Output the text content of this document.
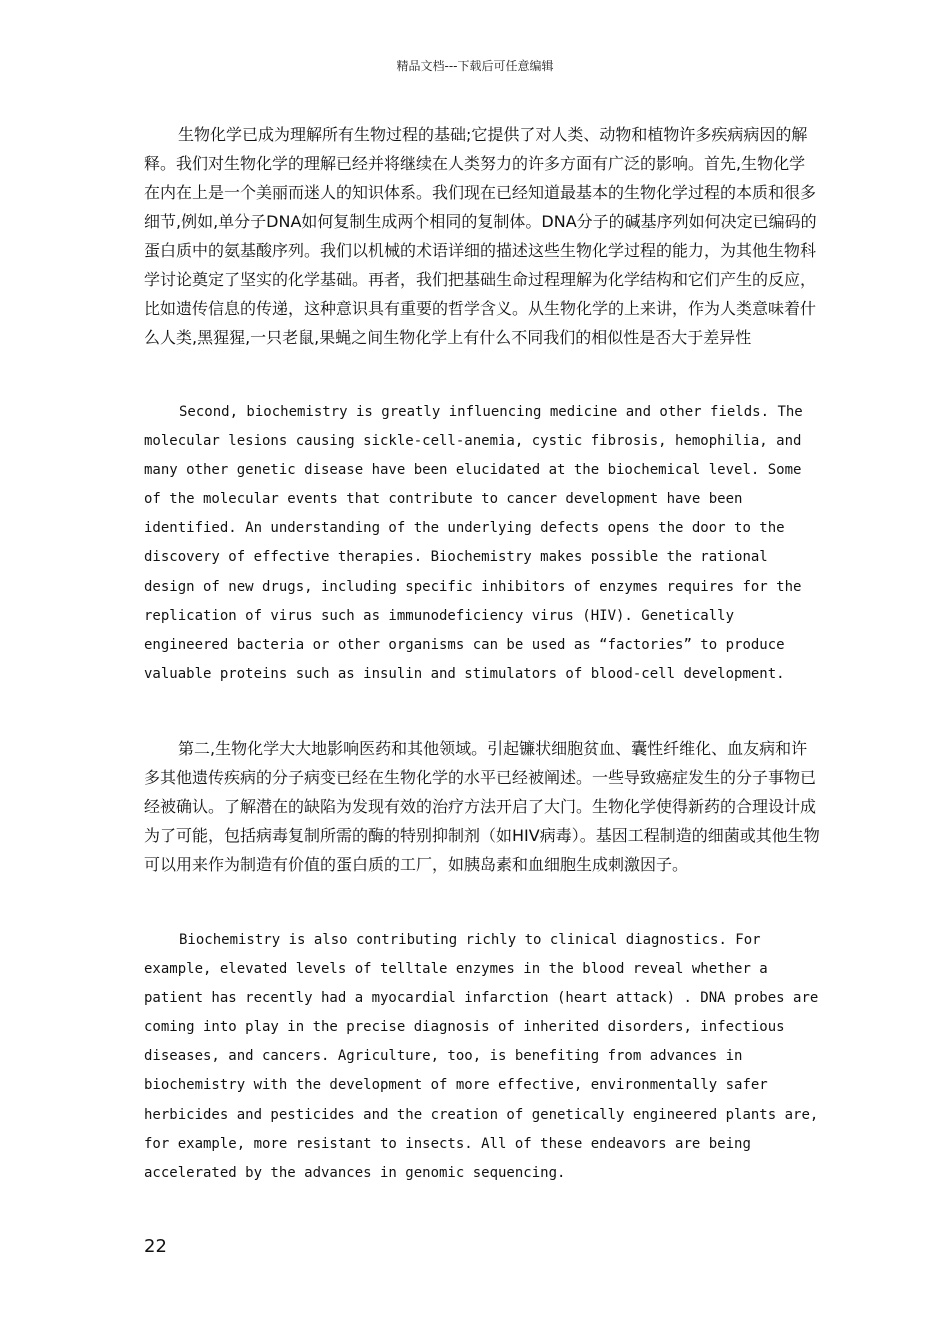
精品文档---下载后可任意编辑

生物化学已成为理解所有生物过程的基础;它提供了对人类、动物和植物许多疾病病因的解释。我们对生物化学的理解已经并将继续在人类努力的许多方面有广泛的影响。首先,生物化学在内在上是一个美丽而迷人的知识体系。我们现在已经知道最基本的生物化学过程的本质和很多细节,例如,单分子DNA如何复制生成两个相同的复制体。DNA分子的碱基序列如何决定已编码的蛋白质中的氨基酸序列。我们以机械的术语详细的描述这些生物化学过程的能力，为其他生物科学讨论奠定了坚实的化学基础。再者，我们把基础生命过程理解为化学结构和它们产生的反应，比如遗传信息的传递，这种意识具有重要的哲学含义。从生物化学的上来讲，作为人类意味着什么人类,黑猩猩,一只老鼠,果蝇之间生物化学上有什么不同我们的相似性是否大于差异性

Second, biochemistry is greatly influencing medicine and other fields. The molecular lesions causing sickle-cell-anemia, cystic fibrosis, hemophilia, and many other genetic disease have been elucidated at the biochemical level. Some of the molecular events that contribute to cancer development have been identified. An understanding of the underlying defects opens the door to the discovery of effective therapies. Biochemistry makes possible the rational design of new drugs, including specific inhibitors of enzymes requires for the replication of virus such as immunodeficiency virus (HIV). Genetically engineered bacteria or other organisms can be used as “factories” to produce valuable proteins such as insulin and stimulators of blood-cell development.

第二,生物化学大大地影响医药和其他领域。引起镰状细胞贫血、囊性纤维化、血友病和许多其他遗传疾病的分子病变已经在生物化学的水平已经被阐述。一些导致癌症发生的分子事物已经被确认。了解潜在的缺陷为发现有效的治疗方法开启了大门。生物化学使得新药的合理设计成为了可能，包括病毒复制所需的酶的特别抑制剂（如HIV病毒）。基因工程制造的细菌或其他生物可以用来作为制造有价值的蛋白质的工厂，如胰岛素和血细胞生成刺激因子。

Biochemistry is also contributing richly to clinical diagnostics. For example, elevated levels of telltale enzymes in the blood reveal whether a patient has recently had a myocardial infarction (heart attack) . DNA probes are coming into play in the precise diagnosis of inherited disorders, infectious diseases, and cancers. Agriculture, too, is benefiting from advances in biochemistry with the development of more effective, environmentally safer herbicides and pesticides and the creation of genetically engineered plants are, for example, more resistant to insects. All of these endeavors are being accelerated by the advances in genomic sequencing.

22
